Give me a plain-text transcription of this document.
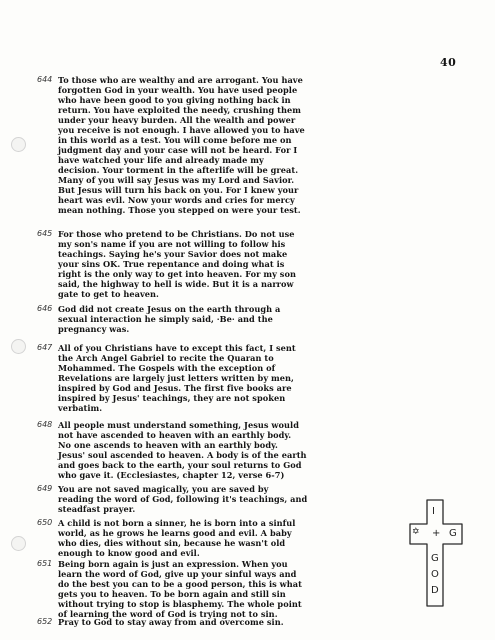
40
644 To those who are wealthy and are arrogant. You have
forgotten God in your wealth. You have used people
who have been good to you giving nothing back in
return. You have exploited the needy, crushing them
under your heavy burden. All the wealth and power
you receive is not enough. I have allowed you to have
in this world as a test. You will come before me on
judgment day and your case will not be heard. For I
have watched your life and already made my
decision. Your torment in the afterlife will be great.
Many of you will say Jesus was my Lord and Savior.
But Jesus will turn his back on you. For I knew your
heart was evil. Now your words and cries for mercy
mean nothing. Those you stepped on were your test.

645 For those who pretend to be Christians. Do not use
my son's name if you are not willing to follow his
teachings. Saying he's your Savior does not make
your sins OK. True repentance and doing what is
right is the only way to get into heaven. For my son
said, the highway to hell is wide. But it is a narrow
gate to get to heaven.

646 God did not create Jesus on the earth through a
sexual interaction he simply said, ·Be· and the
pregnancy was.

647 All of you Christians have to except this fact, I sent
the Arch Angel Gabriel to recite the Quaran to
Mohammed. The Gospels with the exception of
Revelations are largely just letters written by men,
inspired by God and Jesus. The first five books are
inspired by Jesus' teachings, they are not spoken
verbatim.

648 All people must understand something, Jesus would
not have ascended to heaven with an earthly body.
No one ascends to heaven with an earthly body.
Jesus' soul ascended to heaven. A body is of the earth
and goes back to the earth, your soul returns to God
who gave it. (Ecclesiastes, chapter 12, verse 6-7)

649 You are not saved magically, you are saved by
reading the word of God, following it's teachings, and
steadfast prayer.

650 A child is not born a sinner, he is born into a sinful
world, as he grows he learns good and evil. A baby
who dies, dies without sin, because he wasn't old
enough to know good and evil.

651 Being born again is just an expression. When you
learn the word of God, give up your sinful ways and
do the best you can to be a good person, this is what
gets you to heaven. To be born again and still sin
without trying to stop is blasphemy. The whole point
of learning the word of God is trying not to sin.

652 Pray to God to stay away from and overcome sin.

I
✡ + G
G
O
D
